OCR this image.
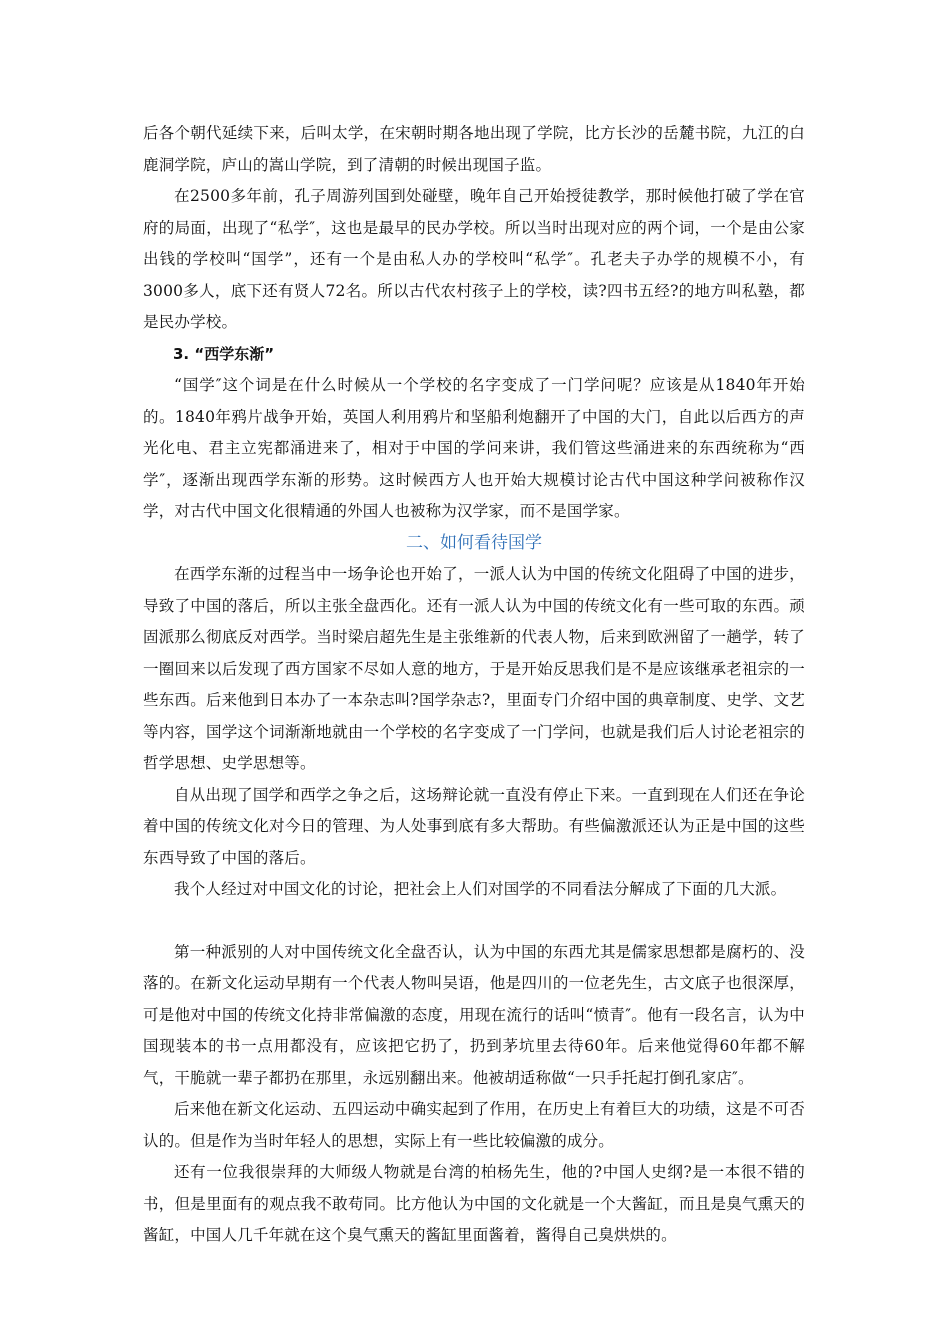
后各个朝代延续下来，后叫太学，在宋朝时期各地出现了学院，比方长沙的岳麓书院，九江的白鹿洞学院，庐山的嵩山学院，到了清朝的时候出现国子监。

在2500多年前，孔子周游列国到处碰壁，晚年自己开始授徒教学，那时候他打破了学在官府的局面，出现了“私学″，这也是最早的民办学校。所以当时出现对应的两个词，一个是由公家出钱的学校叫“国学”，还有一个是由私人办的学校叫“私学″。孔老夫子办学的规模不小，有3000多人，底下还有贤人72名。所以古代农村孩子上的学校，读?四书五经?的地方叫私塾，都是民办学校。

3. “西学东渐”

“国学″这个词是在什么时候从一个学校的名字变成了一门学问呢？应该是从1840年开始的。1840年鸦片战争开始，英国人利用鸦片和坚船利炮翻开了中国的大门，自此以后西方的声光化电、君主立宪都涌进来了，相对于中国的学问来讲，我们管这些涌进来的东西统称为“西学″，逐渐出现西学东渐的形势。这时候西方人也开始大规模讨论古代中国这种学问被称作汉学，对古代中国文化很精通的外国人也被称为汉学家，而不是国学家。

二、如何看待国学

在西学东渐的过程当中一场争论也开始了，一派人认为中国的传统文化阻碍了中国的进步，导致了中国的落后，所以主张全盘西化。还有一派人认为中国的传统文化有一些可取的东西。顽固派那么彻底反对西学。当时梁启超先生是主张维新的代表人物，后来到欧洲留了一趟学，转了一圈回来以后发现了西方国家不尽如人意的地方，于是开始反思我们是不是应该继承老祖宗的一些东西。后来他到日本办了一本杂志叫?国学杂志?，里面专门介绍中国的典章制度、史学、文艺等内容，国学这个词渐渐地就由一个学校的名字变成了一门学问，也就是我们后人讨论老祖宗的哲学思想、史学思想等。

自从出现了国学和西学之争之后，这场辩论就一直没有停止下来。一直到现在人们还在争论着中国的传统文化对今日的管理、为人处事到底有多大帮助。有些偏激派还认为正是中国的这些东西导致了中国的落后。

我个人经过对中国文化的讨论，把社会上人们对国学的不同看法分解成了下面的几大派。

第一种派别的人对中国传统文化全盘否认，认为中国的东西尤其是儒家思想都是腐朽的、没落的。在新文化运动早期有一个代表人物叫吴语，他是四川的一位老先生，古文底子也很深厚，可是他对中国的传统文化持非常偏激的态度，用现在流行的话叫“愤青″。他有一段名言，认为中国现装本的书一点用都没有，应该把它扔了，扔到茅坑里去待60年。后来他觉得60年都不解气，干脆就一辈子都扔在那里，永远别翻出来。他被胡适称做“一只手托起打倒孔家店″。

后来他在新文化运动、五四运动中确实起到了作用，在历史上有着巨大的功绩，这是不可否认的。但是作为当时年轻人的思想，实际上有一些比较偏激的成分。

还有一位我很崇拜的大师级人物就是台湾的柏杨先生，他的?中国人史纲?是一本很不错的书，但是里面有的观点我不敢苟同。比方他认为中国的文化就是一个大酱缸，而且是臭气熏天的酱缸，中国人几千年就在这个臭气熏天的酱缸里面酱着，酱得自己臭烘烘的。
